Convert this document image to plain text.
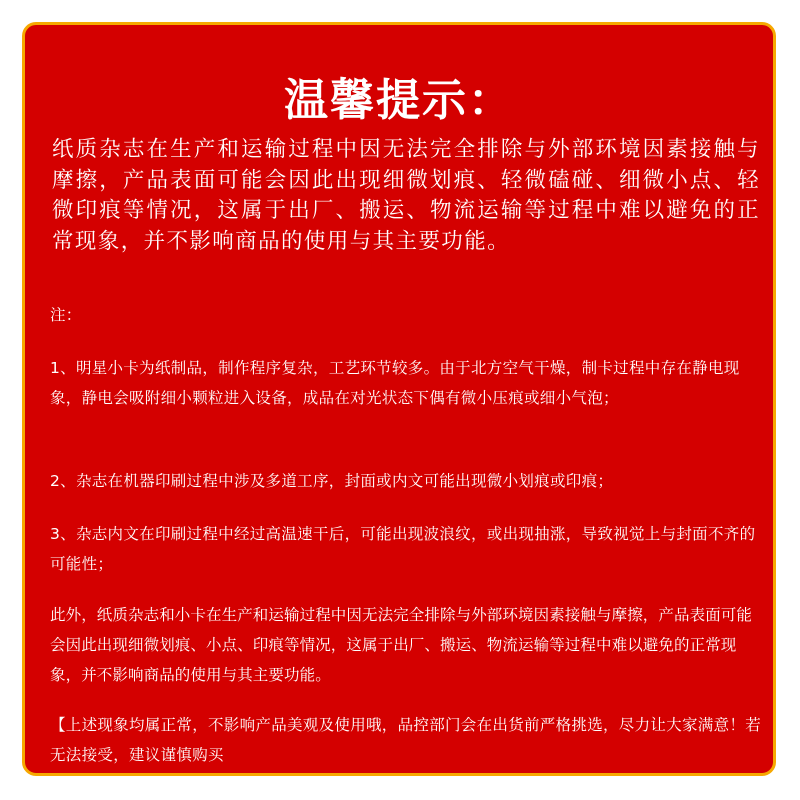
温馨提示：
纸质杂志在生产和运输过程中因无法完全排除与外部环境因素接触与摩擦，产品表面可能会因此出现细微划痕、轻微磕碰、细微小点、轻微印痕等情况，这属于出厂、搬运、物流运输等过程中难以避免的正常现象，并不影响商品的使用与其主要功能。
注：
1、明星小卡为纸制品，制作程序复杂，工艺环节较多。由于北方空气干燥，制卡过程中存在静电现象，静电会吸附细小颗粒进入设备，成品在对光状态下偶有微小压痕或细小气泡；
2、杂志在机器印刷过程中涉及多道工序，封面或内文可能出现微小划痕或印痕；
3、杂志内文在印刷过程中经过高温速干后，可能出现波浪纹，或出现抽涨，导致视觉上与封面不齐的可能性；
此外，纸质杂志和小卡在生产和运输过程中因无法完全排除与外部环境因素接触与摩擦，产品表面可能会因此出现细微划痕、小点、印痕等情况，这属于出厂、搬运、物流运输等过程中难以避免的正常现象，并不影响商品的使用与其主要功能。
【上述现象均属正常，不影响产品美观及使用哦，品控部门会在出货前严格挑选，尽力让大家满意！若无法接受，建议谨慎购买
